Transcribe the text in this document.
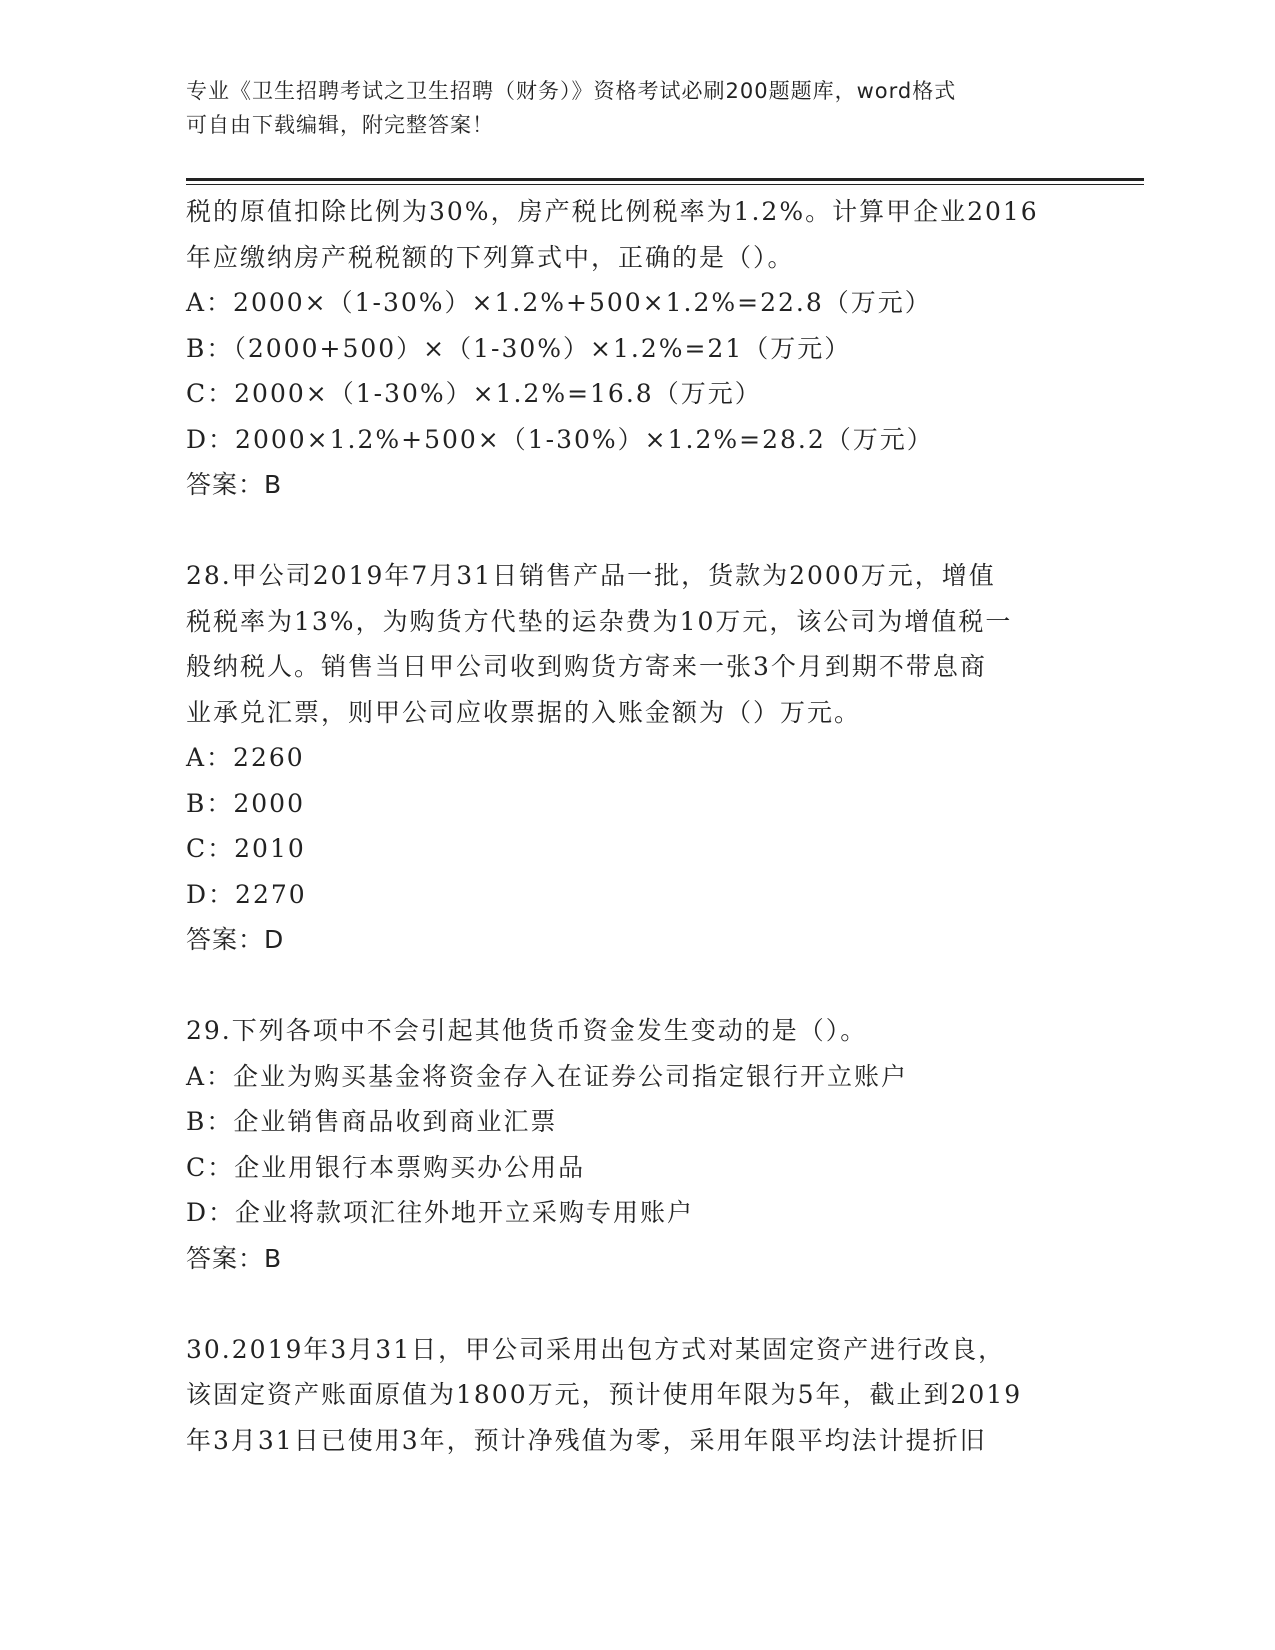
专业《卫生招聘考试之卫生招聘（财务）》资格考试必刷200题题库，word格式
可自由下载编辑，附完整答案！
税的原值扣除比例为30%，房产税比例税率为1.2%。计算甲企业2016
年应缴纳房产税税额的下列算式中，正确的是（）。
A：2000×（1-30%）×1.2%+500×1.2%=22.8（万元）
B：（2000+500）×（1-30%）×1.2%=21（万元）
C：2000×（1-30%）×1.2%=16.8（万元）
D：2000×1.2%+500×（1-30%）×1.2%=28.2（万元）
答案：B
28.甲公司2019年7月31日销售产品一批，货款为2000万元，增值
税税率为13%，为购货方代垫的运杂费为10万元，该公司为增值税一
般纳税人。销售当日甲公司收到购货方寄来一张3个月到期不带息商
业承兑汇票，则甲公司应收票据的入账金额为（）万元。
A：2260
B：2000
C：2010
D：2270
答案：D
29.下列各项中不会引起其他货币资金发生变动的是（）。
A：企业为购买基金将资金存入在证券公司指定银行开立账户
B：企业销售商品收到商业汇票
C：企业用银行本票购买办公用品
D：企业将款项汇往外地开立采购专用账户
答案：B
30.2019年3月31日，甲公司采用出包方式对某固定资产进行改良，
该固定资产账面原值为1800万元，预计使用年限为5年，截止到2019
年3月31日已使用3年，预计净残值为零，采用年限平均法计提折旧
